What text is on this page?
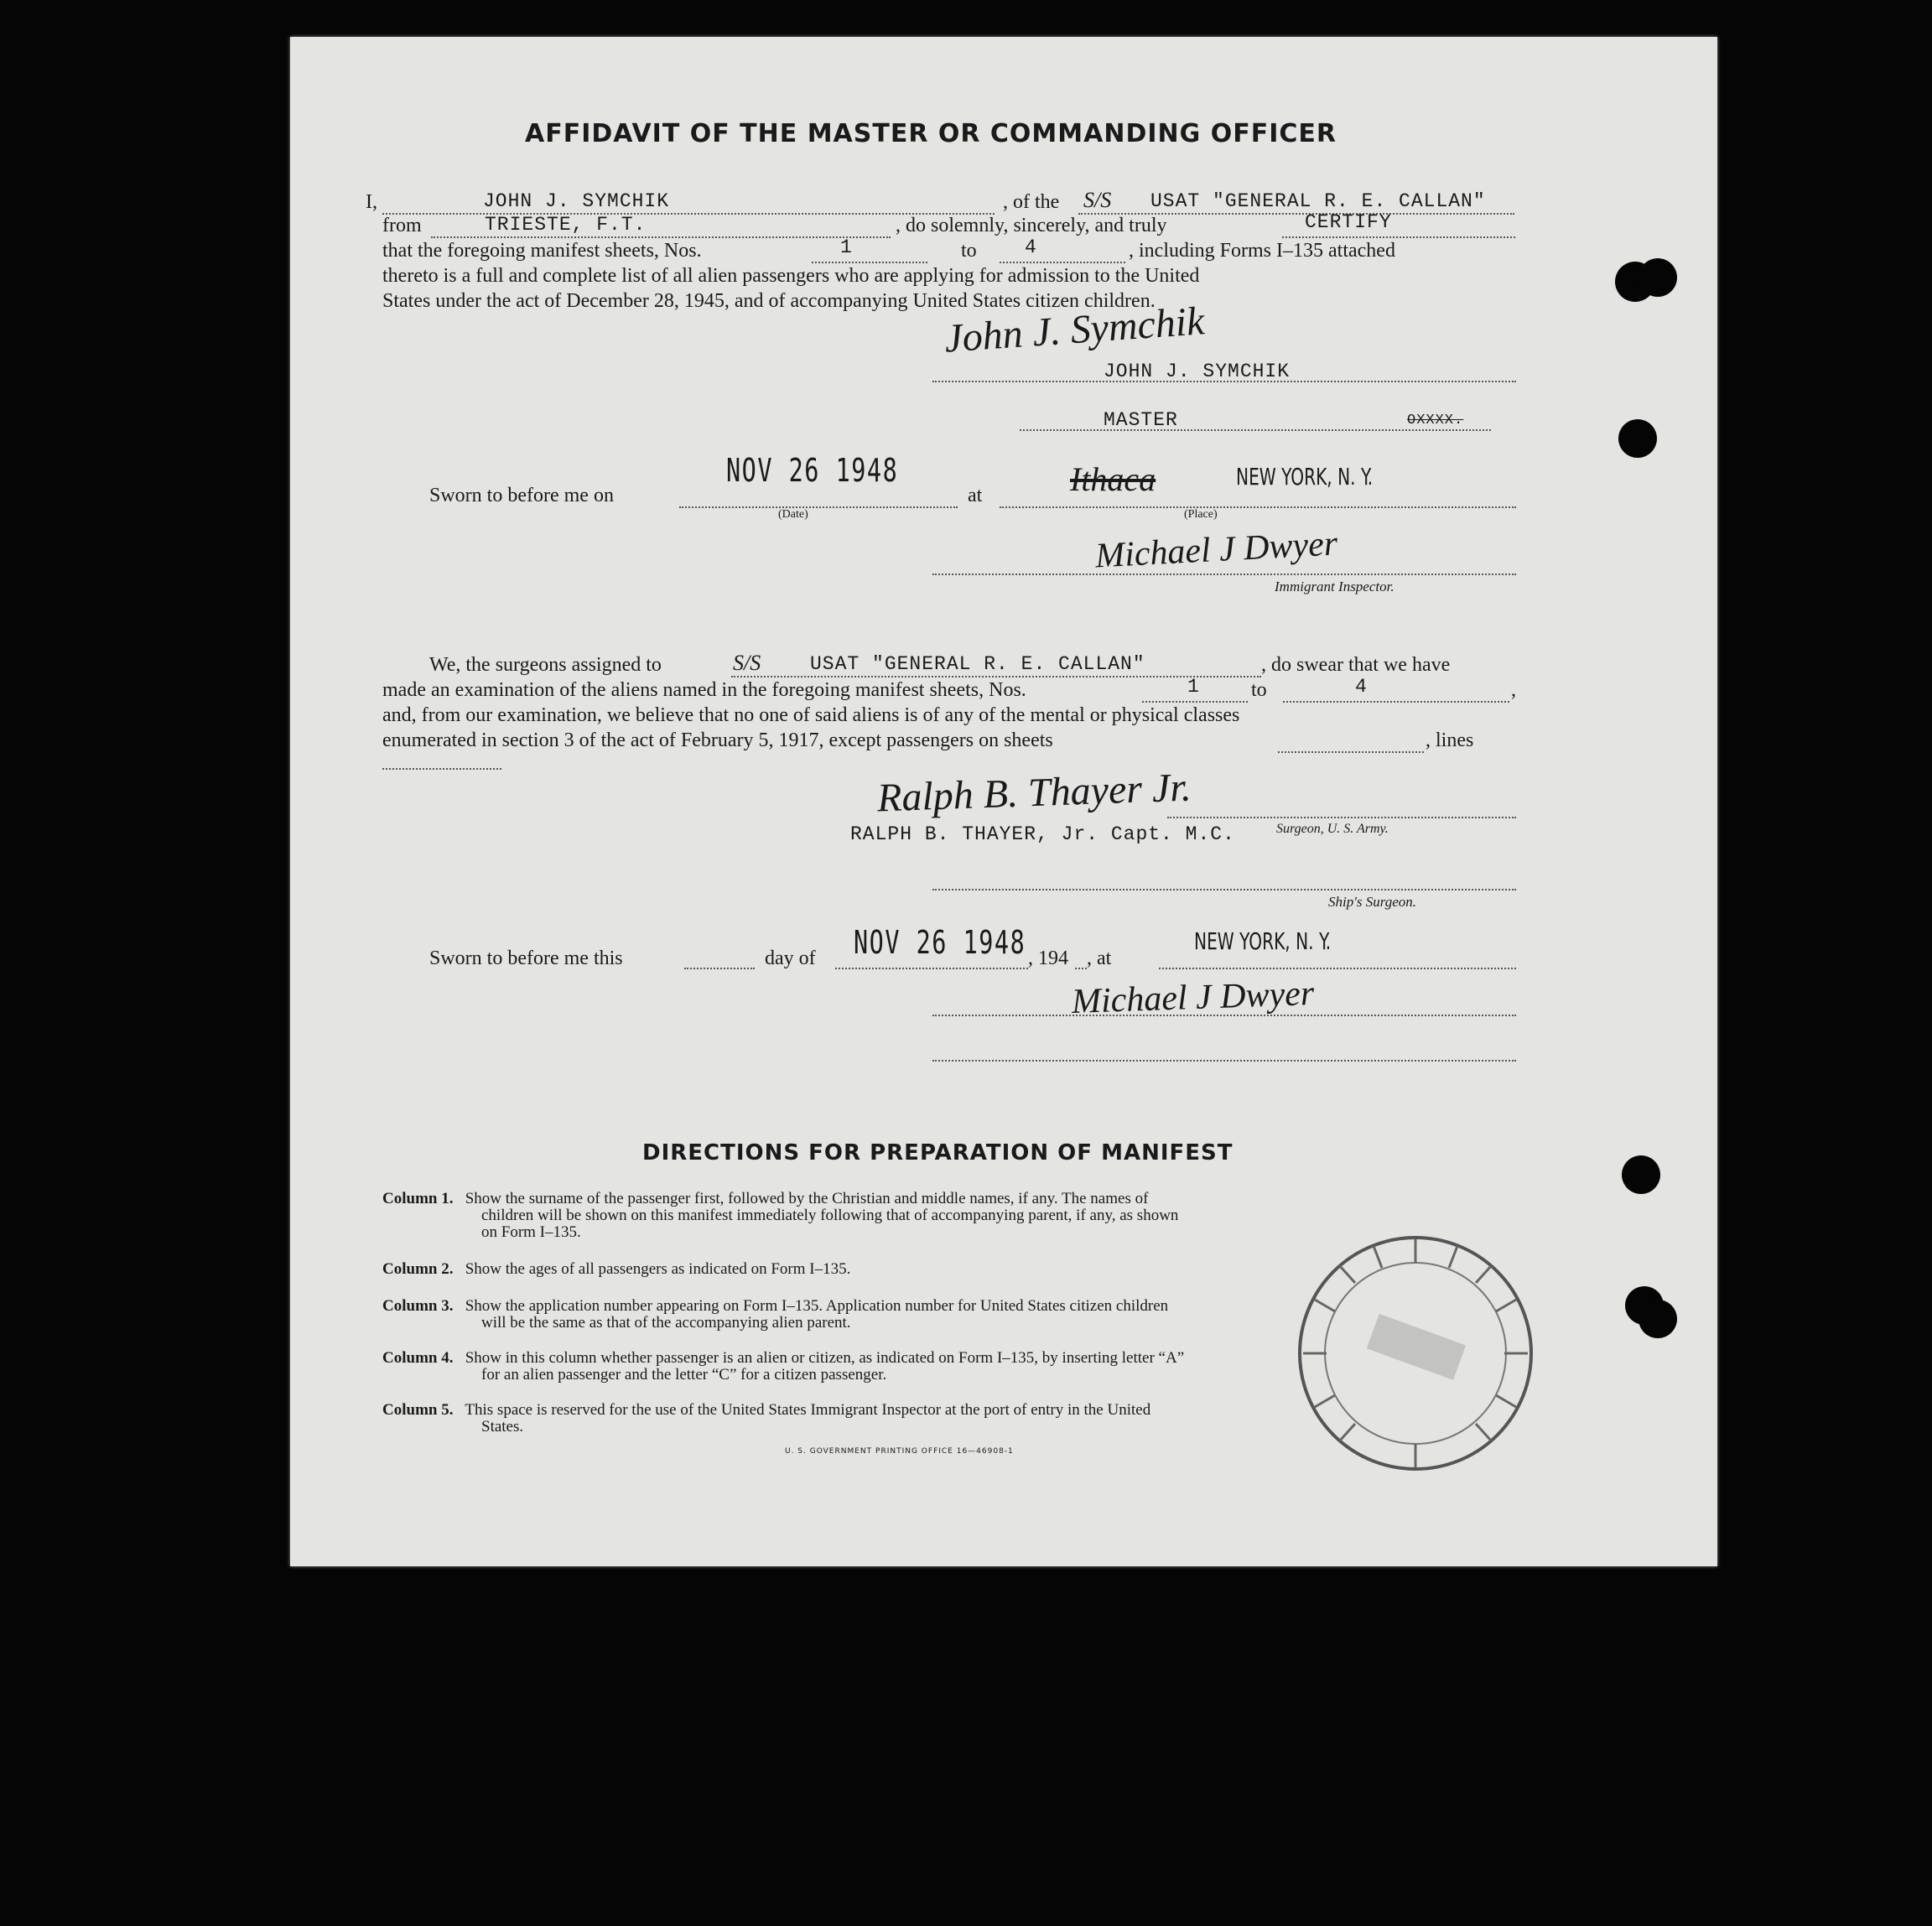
AFFIDAVIT OF THE MASTER OR COMMANDING OFFICER
I,	JOHN J. SYMCHIK	, of the S/S USAT "GENERAL R. E. CALLAN"
from	TRIESTE, F.T.	, do solemnly, sincerely, and truly	CERTIFY
that the foregoing manifest sheets, Nos.	1	to 4	, including Forms I–135 attached
thereto is a full and complete list of all alien passengers who are applying for admission to the United
States under the act of December 28, 1945, and of accompanying United States citizen children.
John J. Symchik
JOHN J. SYMCHIK
MASTER	OXXXX.
Sworn to before me on
NOV 26 1948
(Date)
at	Ithaca	NEW YORK, N. Y.
(Place)
Michael J Dwyer
Immigrant Inspector.
We, the surgeons assigned to	S/S	USAT "GENERAL R. E. CALLAN"	, do swear that we have
made an examination of the aliens named in the foregoing manifest sheets, Nos.	1	to	4	,
and, from our examination, we believe that no one of said aliens is of any of the mental or physical classes
enumerated in section 3 of the act of February 5, 1917, except passengers on sheets	, lines
Ralph B. Thayer Jr.
RALPH B. THAYER, Jr. Capt. M.C.	Surgeon, U. S. Army.
Ship's Surgeon.
Sworn to before me this	day of NOV 26 1948 , 194 , at
NEW YORK, N. Y.
Michael J Dwyer
DIRECTIONS FOR PREPARATION OF MANIFEST
Column 1. Show the surname of the passenger first, followed by the Christian and middle names, if any. The names of
children will be shown on this manifest immediately following that of accompanying parent, if any, as shown
on Form I–135.
Column 2. Show the ages of all passengers as indicated on Form I–135.
Column 3. Show the application number appearing on Form I–135. Application number for United States citizen children
will be the same as that of the accompanying alien parent.
Column 4. Show in this column whether passenger is an alien or citizen, as indicated on Form I–135, by inserting letter “A”
for an alien passenger and the letter “C” for a citizen passenger.
Column 5. This space is reserved for the use of the United States Immigrant Inspector at the port of entry in the United
States.
U. S. GOVERNMENT PRINTING OFFICE 16—46908-1
